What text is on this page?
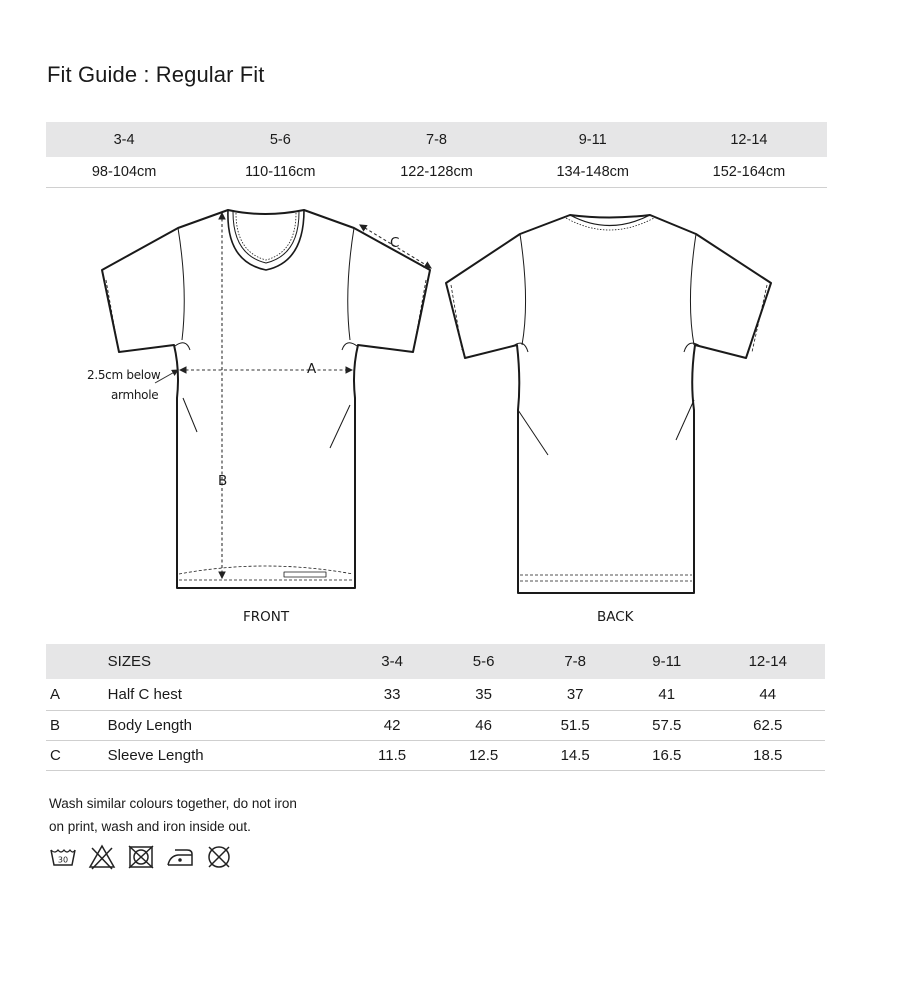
Fit Guide : Regular Fit
3-4	5-6	7-8	9-11	12-14
98-104cm	110-116cm	122-128cm	134-148cm	152-164cm
A
B
C
2.5cm below
armhole
FRONT	BACK
	SIZES	3-4	5-6	7-8	9-11	12-14
A	Half C hest	33	35	37	41	44
B	Body Length	42	46	51.5	57.5	62.5
C	Sleeve Length	11.5	12.5	14.5	16.5	18.5
Wash similar colours together, do not iron
on print, wash and iron inside out.
30
